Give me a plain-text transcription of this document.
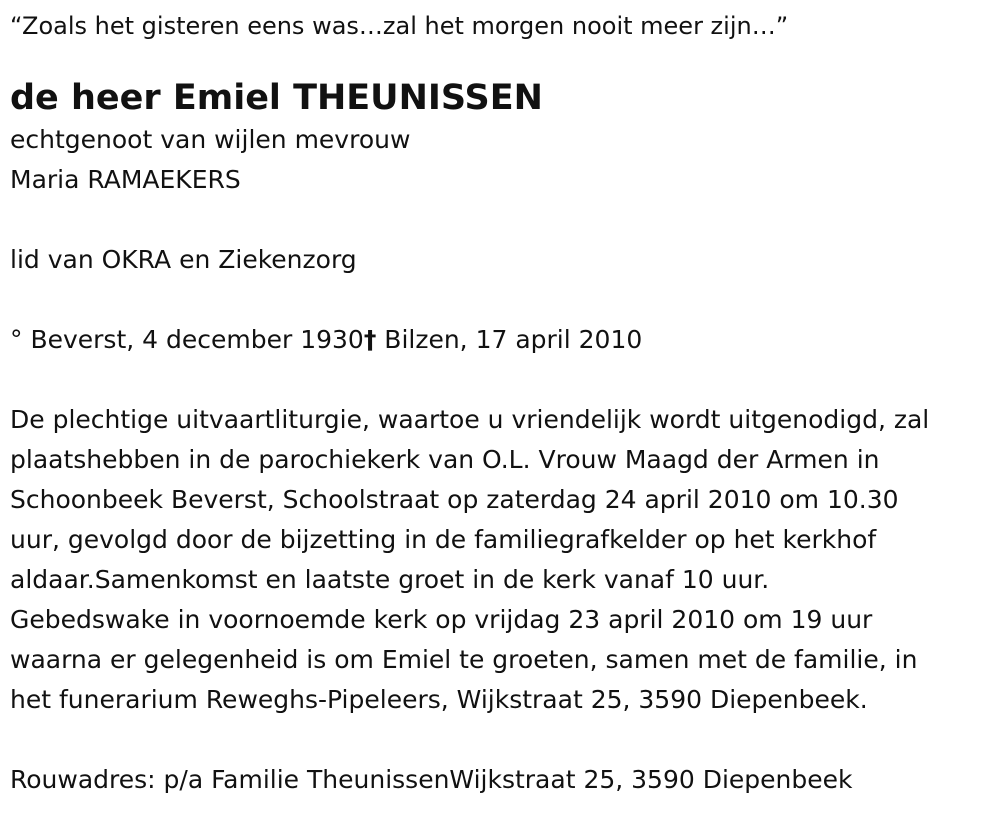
“Zoals het gisteren eens was…zal het morgen nooit meer zijn…”
de heer Emiel THEUNISSEN
echtgenoot van wijlen mevrouw
Maria RAMAEKERS
lid van OKRA en Ziekenzorg
° Beverst, 4 december 1930† Bilzen, 17 april 2010
De plechtige uitvaartliturgie, waartoe u vriendelijk wordt uitgenodigd, zal
plaatshebben in de parochiekerk van O.L. Vrouw Maagd der Armen in
Schoonbeek Beverst, Schoolstraat op zaterdag 24 april 2010 om 10.30
uur, gevolgd door de bijzetting in de familiegrafkelder op het kerkhof
aldaar.Samenkomst en laatste groet in de kerk vanaf 10 uur.
Gebedswake in voornoemde kerk op vrijdag 23 april 2010 om 19 uur
waarna er gelegenheid is om Emiel te groeten, samen met de familie, in
het funerarium Reweghs-Pipeleers, Wijkstraat 25, 3590 Diepenbeek.
Rouwadres: p/a Familie TheunissenWijkstraat 25, 3590 Diepenbeek
